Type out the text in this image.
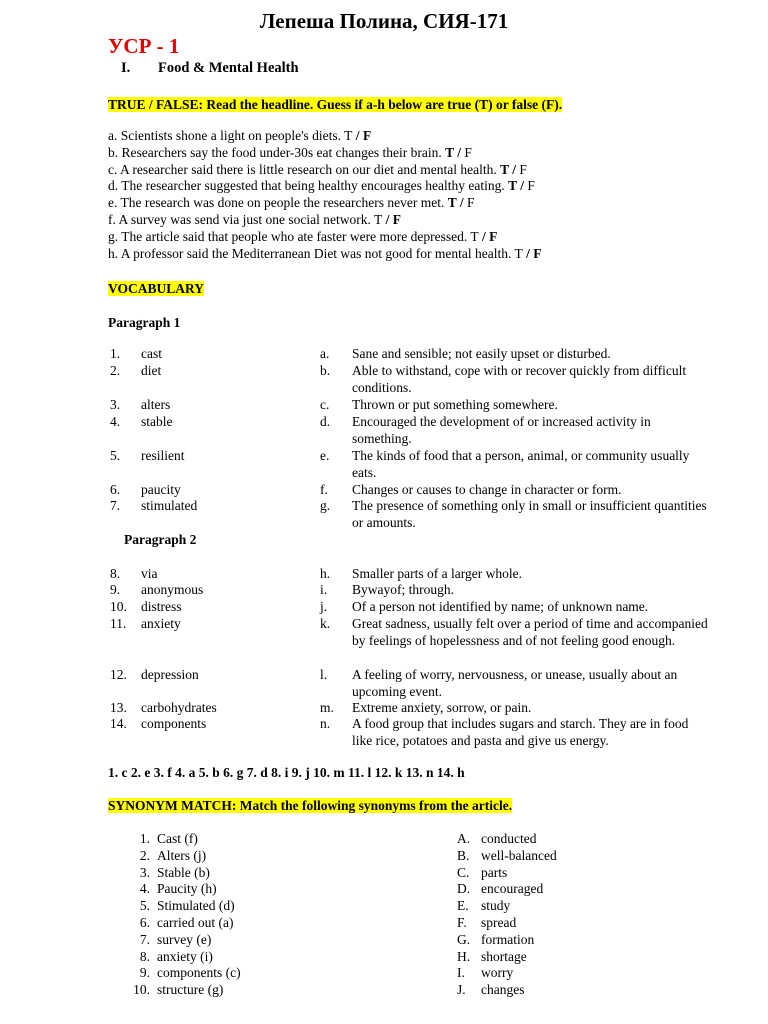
Лепеша Полина, СИЯ-171
УСР - 1
I. Food & Mental Health
TRUE / FALSE: Read the headline. Guess if a-h below are true (T) or false (F).
a. Scientists shone a light on people's diets. T / F
b. Researchers say the food under-30s eat changes their brain. T / F
c. A researcher said there is little research on our diet and mental health. T / F
d. The researcher suggested that being healthy encourages healthy eating. T / F
e. The research was done on people the researchers never met. T / F
f. A survey was send via just one social network. T / F
g. The article said that people who ate faster were more depressed. T / F
h. A professor said the Mediterranean Diet was not good for mental health. T / F
VOCABULARY
Paragraph 1
Paragraph 2
1. cast	a. Sane and sensible; not easily upset or disturbed.
2. diet	b. Able to withstand, cope with or recover quickly from difficult conditions.
3. alters	c. Thrown or put something somewhere.
4. stable	d. Encouraged the development of or increased activity in something.
5. resilient	e. The kinds of food that a person, animal, or community usually eats.
6. paucity	f. Changes or causes to change in character or form.
7. stimulated	g. The presence of something only in small or insufficient quantities or amounts.
8. via	h. Smaller parts of a larger whole.
9. anonymous	i. Bywayof; through.
10. distress	j. Of a person not identified by name; of unknown name.
11. anxiety	k. Great sadness, usually felt over a period of time and accompanied by feelings of hopelessness and of not feeling good enough.
12. depression	l. A feeling of worry, nervousness, or unease, usually about an upcoming event.
13. carbohydrates	m. Extreme anxiety, sorrow, or pain.
14. components	n. A food group that includes sugars and starch. They are in food like rice, potatoes and pasta and give us energy.
1. c 2. e 3. f 4. a 5. b 6. g 7. d 8. i 9. j 10. m 11. l 12. k 13. n 14. h
SYNONYM MATCH: Match the following synonyms from the article.
1. Cast (f)	A. conducted
2. Alters (j)	B. well-balanced
3. Stable (b)	C. parts
4. Paucity (h)	D. encouraged
5. Stimulated (d)	E. study
6. carried out (a)	F. spread
7. survey (e)	G. formation
8. anxiety (i)	H. shortage
9. components (c)	I. worry
10. structure (g)	J. changes
